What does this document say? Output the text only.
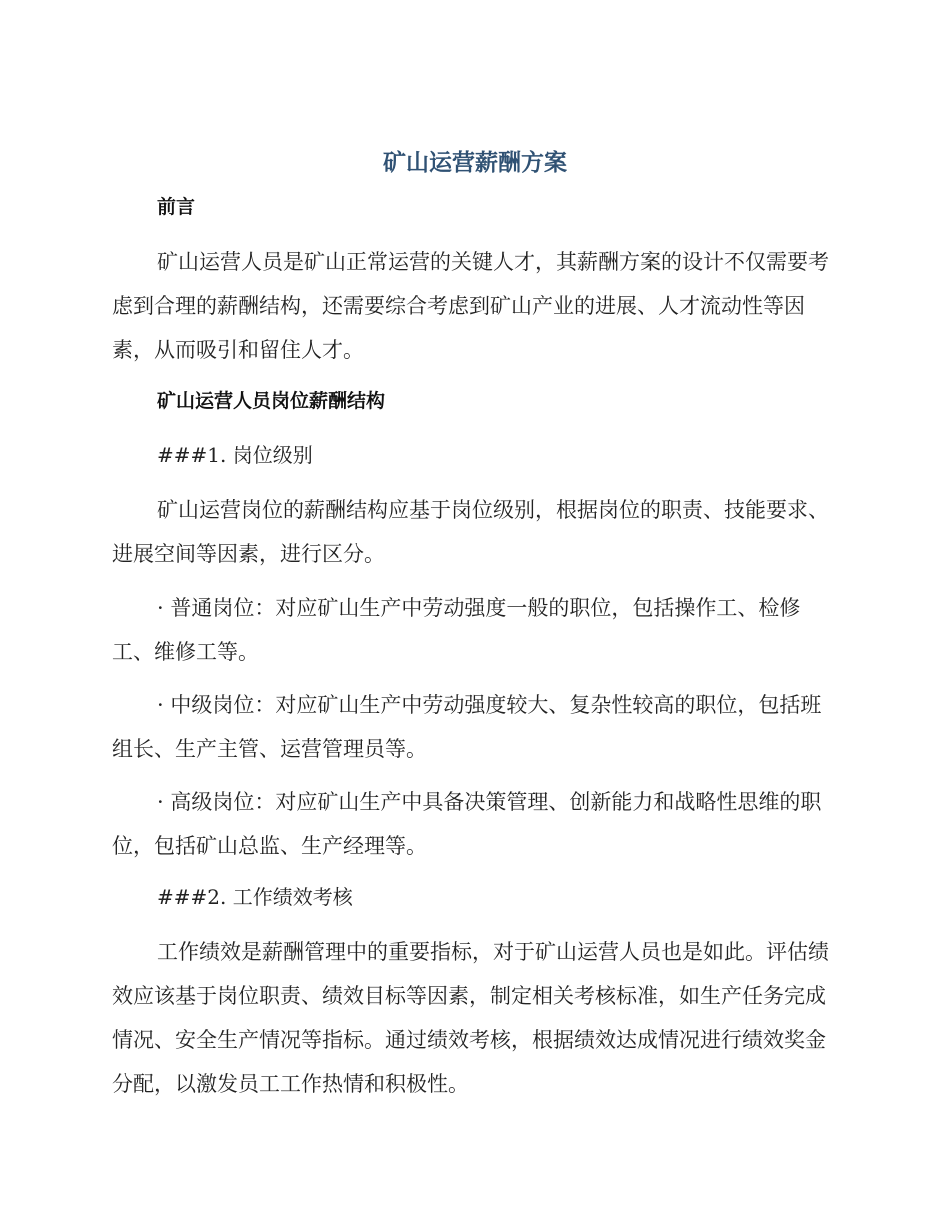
矿山运营薪酬方案
前言
矿山运营人员是矿山正常运营的关键人才，其薪酬方案的设计不仅需要考虑到合理的薪酬结构，还需要综合考虑到矿山产业的进展、人才流动性等因素，从而吸引和留住人才。
矿山运营人员岗位薪酬结构
###1. 岗位级别
矿山运营岗位的薪酬结构应基于岗位级别，根据岗位的职责、技能要求、进展空间等因素，进行区分。
· 普通岗位：对应矿山生产中劳动强度一般的职位，包括操作工、检修工、维修工等。
· 中级岗位：对应矿山生产中劳动强度较大、复杂性较高的职位，包括班组长、生产主管、运营管理员等。
· 高级岗位：对应矿山生产中具备决策管理、创新能力和战略性思维的职位，包括矿山总监、生产经理等。
###2. 工作绩效考核
工作绩效是薪酬管理中的重要指标，对于矿山运营人员也是如此。评估绩效应该基于岗位职责、绩效目标等因素，制定相关考核标准，如生产任务完成情况、安全生产情况等指标。通过绩效考核，根据绩效达成情况进行绩效奖金分配，以激发员工工作热情和积极性。
